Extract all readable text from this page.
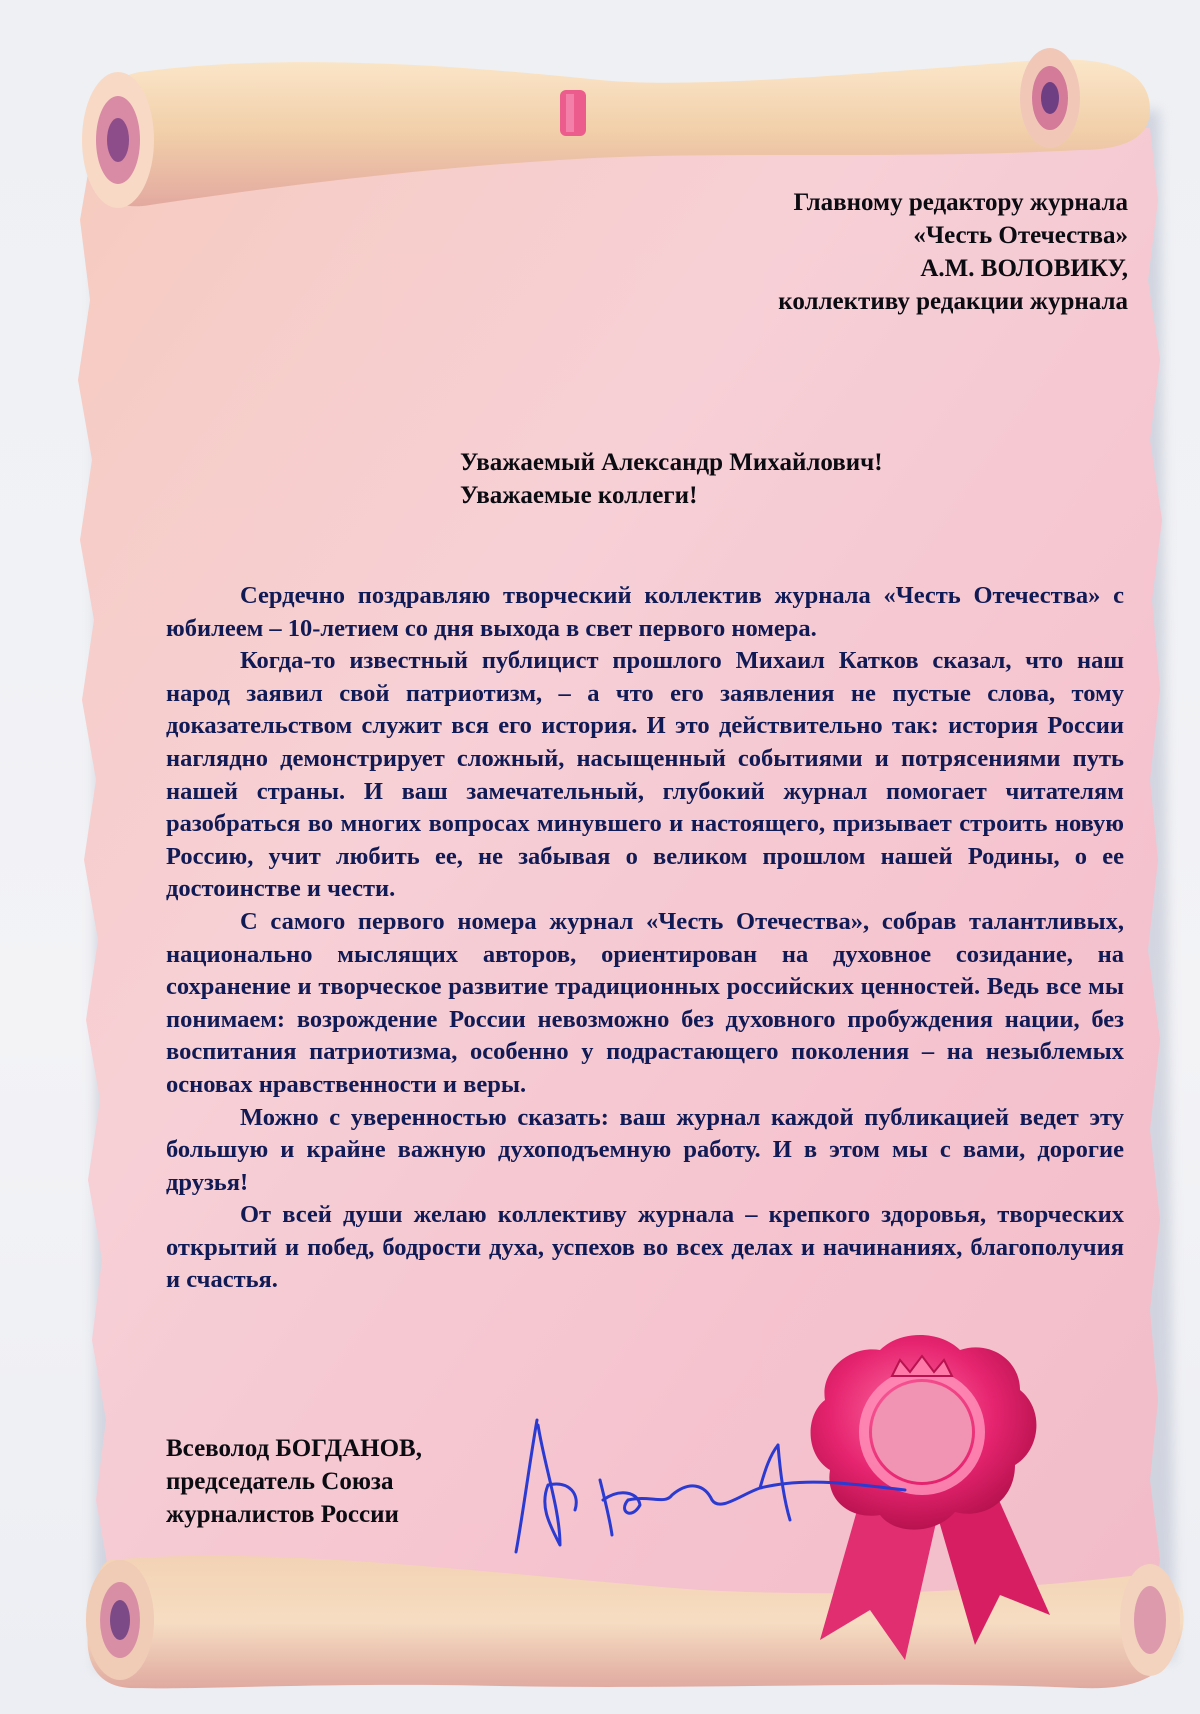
Главному редактору журнала
«Честь Отечества»
А.М. ВОЛОВИКУ,
коллективу редакции журнала
Уважаемый Александр Михайлович!
Уважаемые коллеги!

Сердечно поздравляю творческий коллектив журнала «Честь Отечества» с юбилеем – 10-летием со дня выхода в свет первого номера.

Когда-то известный публицист прошлого Михаил Катков сказал, что наш народ заявил свой патриотизм, – а что его заявления не пустые слова, тому доказательством служит вся его история. И это действительно так: история России наглядно демонстрирует сложный, насыщенный событиями и потрясениями путь нашей страны. И ваш замечательный, глубокий журнал помогает читателям разобраться во многих вопросах минувшего и настоящего, призывает строить новую Россию, учит любить ее, не забывая о великом прошлом нашей Родины, о ее достоинстве и чести.

С самого первого номера журнал «Честь Отечества», собрав талантливых, национально мыслящих авторов, ориентирован на духовное созидание, на сохранение и творческое развитие традиционных российских ценностей. Ведь все мы понимаем: возрождение России невозможно без духовного пробуждения нации, без воспитания патриотизма, особенно у подрастающего поколения – на незыблемых основах нравственности и веры.

Можно с уверенностью сказать: ваш журнал каждой публикацией ведет эту большую и крайне важную духоподъемную работу. И в этом мы с вами, дорогие друзья!

От всей души желаю коллективу журнала – крепкого здоровья, творческих открытий и побед, бодрости духа, успехов во всех делах и начинаниях, благополучия и счастья.

Всеволод БОГДАНОВ,
председатель Союза
журналистов России
